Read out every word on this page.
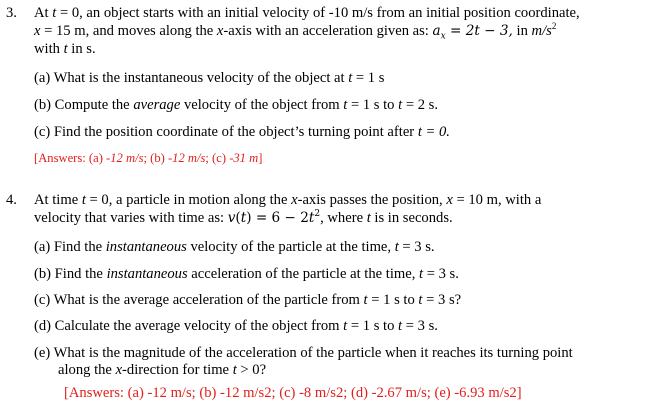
3. At t = 0, an object starts with an initial velocity of -10 m/s from an initial position coordinate,
x = 15 m, and moves along the x-axis with an acceleration given as: $a_x = 2t - 3$, in $m/s^2$
with t in s.
(a) What is the instantaneous velocity of the object at t = 1 s
(b) Compute the average velocity of the object from t = 1 s to t = 2 s.
(c) Find the position coordinate of the object’s turning point after t = 0.
[Answers: (a) -12 m/s; (b) -12 m/s; (c) -31 m]
4. At time t = 0, a particle in motion along the x-axis passes the position, x = 10 m, with a
velocity that varies with time as: $v(t) = 6 - 2t^2$, where t is in seconds.
(a) Find the instantaneous velocity of the particle at the time, t = 3 s.
(b) Find the instantaneous acceleration of the particle at the time, t = 3 s.
(c) What is the average acceleration of the particle from t = 1 s to t = 3 s?
(d) Calculate the average velocity of the object from t = 1 s to t = 3 s.
(e) What is the magnitude of the acceleration of the particle when it reaches its turning point
along the x-direction for time t > 0?
[Answers: (a) -12 m/s; (b) -12 m/s2; (c) -8 m/s2; (d) -2.67 m/s; (e) -6.93 m/s2]
